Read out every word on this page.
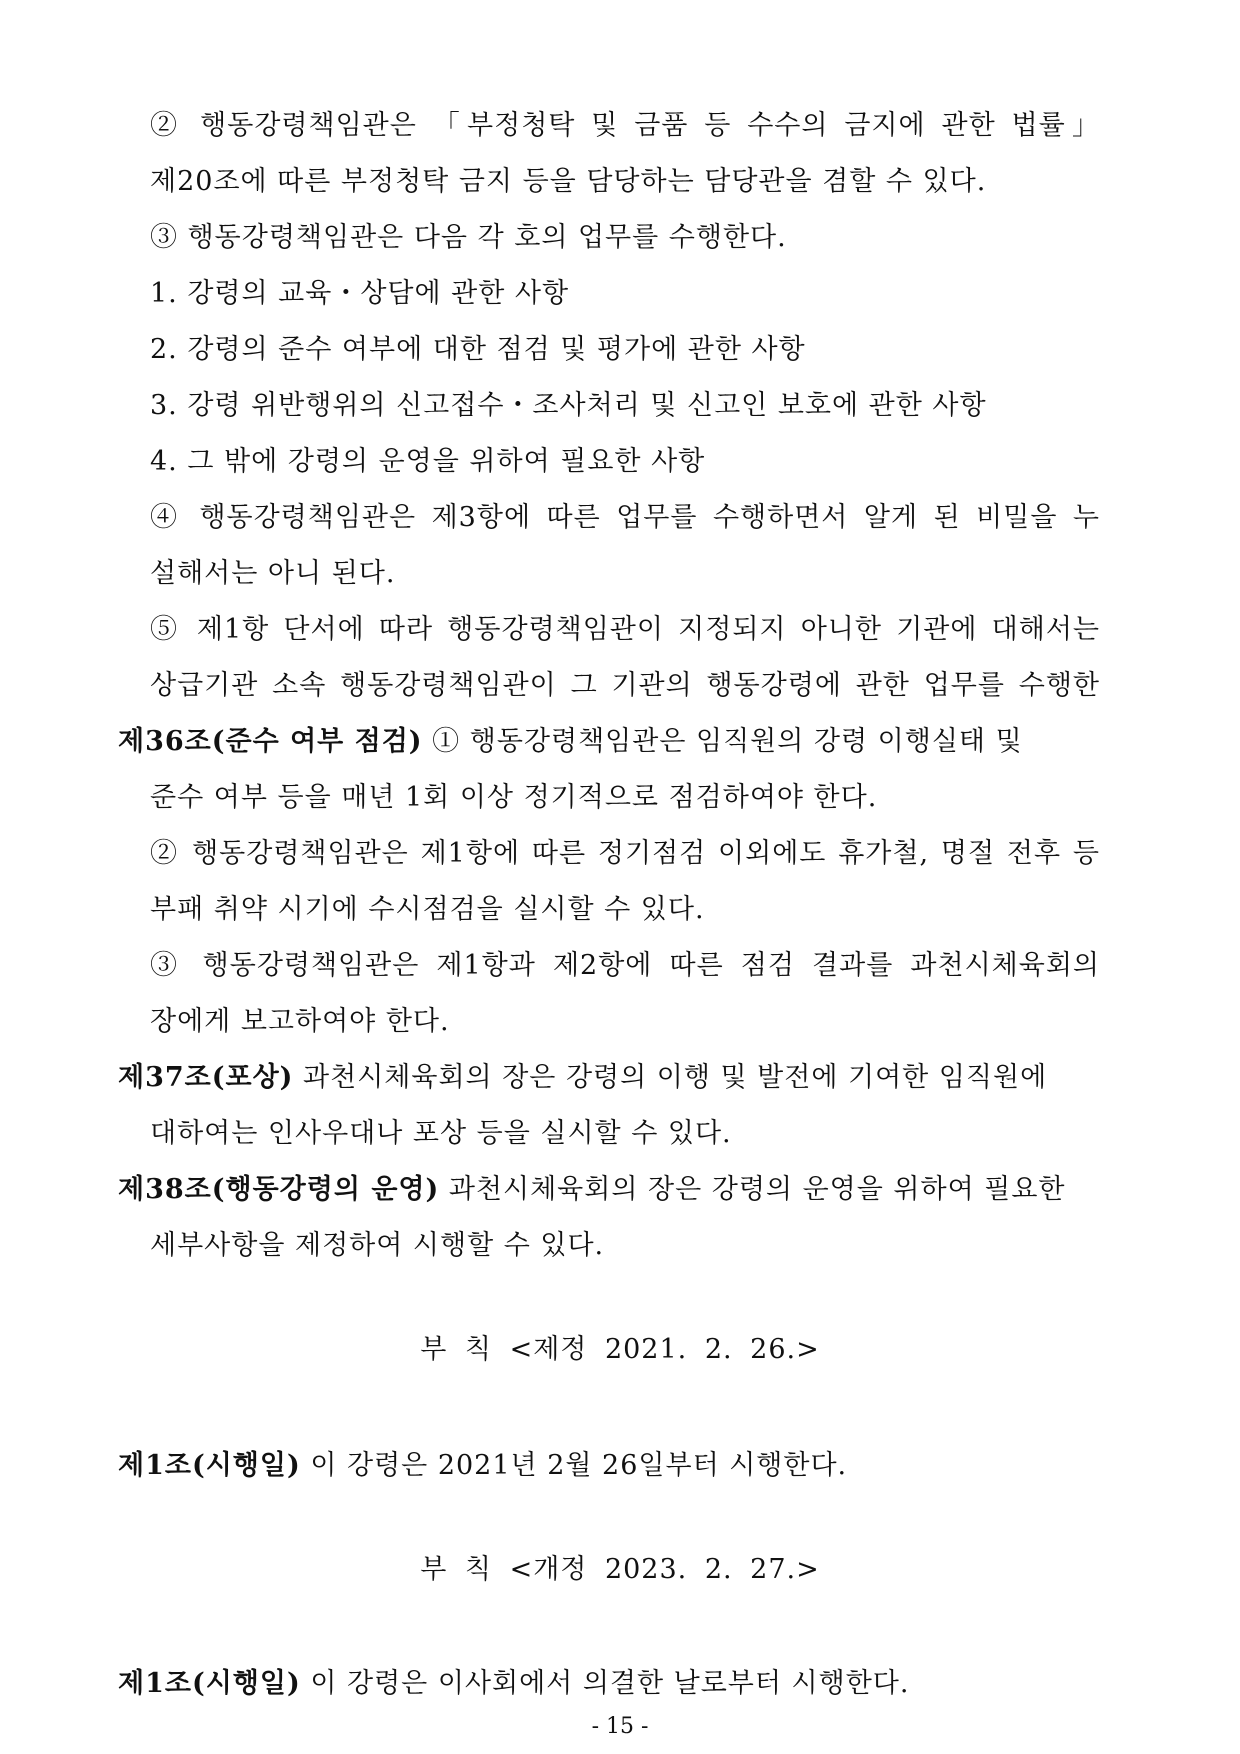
② 행동강령책임관은 「부정청탁 및 금품 등 수수의 금지에 관한 법률」
제20조에 따른 부정청탁 금지 등을 담당하는 담당관을 겸할 수 있다.
③ 행동강령책임관은 다음 각 호의 업무를 수행한다.
1. 강령의 교육・상담에 관한 사항
2. 강령의 준수 여부에 대한 점검 및 평가에 관한 사항
3. 강령 위반행위의 신고접수・조사처리 및 신고인 보호에 관한 사항
4. 그 밖에 강령의 운영을 위하여 필요한 사항
④ 행동강령책임관은 제3항에 따른 업무를 수행하면서 알게 된 비밀을 누
설해서는 아니 된다.
⑤ 제1항 단서에 따라 행동강령책임관이 지정되지 아니한 기관에 대해서는
상급기관 소속 행동강령책임관이 그 기관의 행동강령에 관한 업무를 수행한
제36조(준수 여부 점검) ① 행동강령책임관은 임직원의 강령 이행실태 및
준수 여부 등을 매년 1회 이상 정기적으로 점검하여야 한다.
② 행동강령책임관은 제1항에 따른 정기점검 이외에도 휴가철, 명절 전후 등
부패 취약 시기에 수시점검을 실시할 수 있다.
③ 행동강령책임관은 제1항과 제2항에 따른 점검 결과를 과천시체육회의
장에게 보고하여야 한다.
제37조(포상) 과천시체육회의 장은 강령의 이행 및 발전에 기여한 임직원에
대하여는 인사우대나 포상 등을 실시할 수 있다.
제38조(행동강령의 운영) 과천시체육회의 장은 강령의 운영을 위하여 필요한
세부사항을 제정하여 시행할 수 있다.
부 칙 <제정 2021. 2. 26.>
제1조(시행일) 이 강령은 2021년 2월 26일부터 시행한다.
부 칙 <개정 2023. 2. 27.>
제1조(시행일) 이 강령은 이사회에서 의결한 날로부터 시행한다.
- 15 -
